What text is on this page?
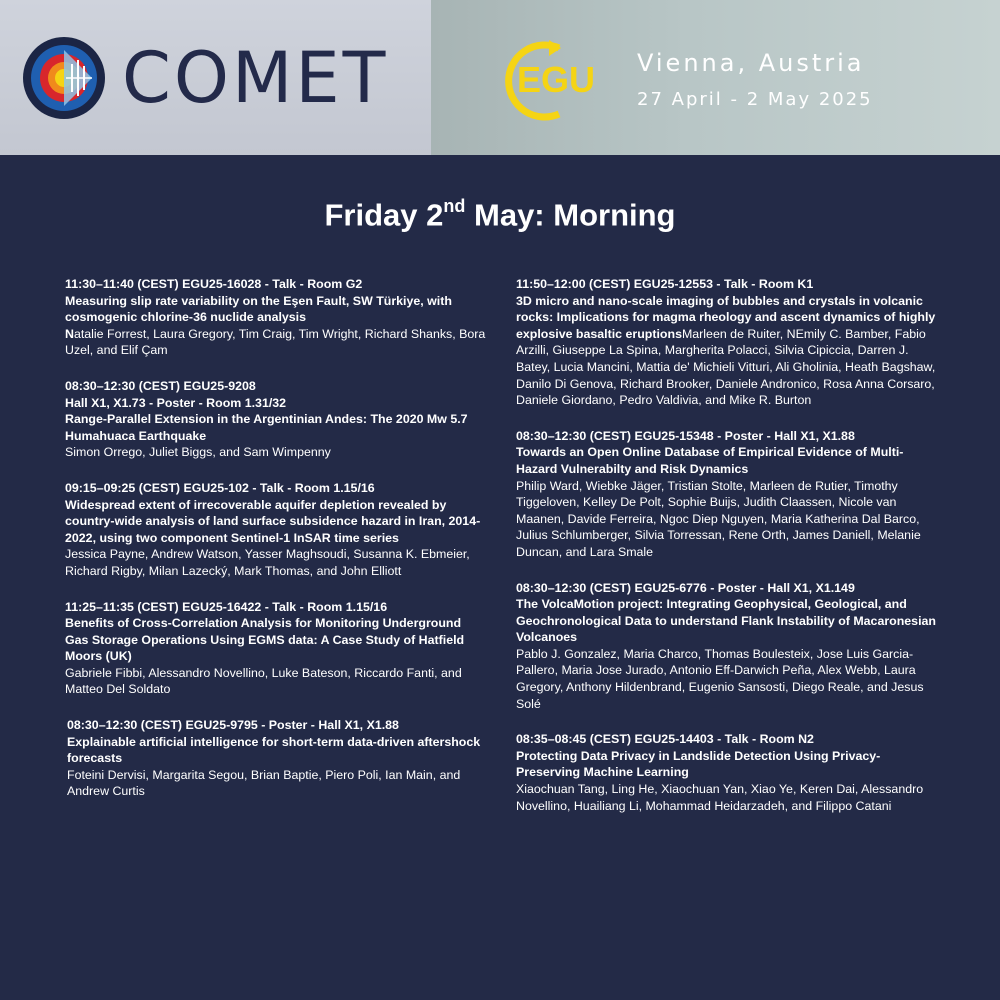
COMET	EGU Vienna, Austria
27 April - 2 May 2025
Friday 2nd May: Morning
11:30–11:40 (CEST) EGU25-16028 - Talk - Room G2
Measuring slip rate variability on the Eşen Fault, SW Türkiye, with cosmogenic chlorine-36 nuclide analysis
Natalie Forrest, Laura Gregory, Tim Craig, Tim Wright, Richard Shanks, Bora Uzel, and Elif Çam
08:30–12:30 (CEST) EGU25-9208
Hall X1, X1.73 - Poster - Room 1.31/32
Range-Parallel Extension in the Argentinian Andes: The 2020 Mw 5.7 Humahuaca Earthquake
Simon Orrego, Juliet Biggs, and Sam Wimpenny
09:15–09:25 (CEST) EGU25-102 - Talk - Room 1.15/16
Widespread extent of irrecoverable aquifer depletion revealed by country-wide analysis of land surface subsidence hazard in Iran, 2014-2022, using two component Sentinel-1 InSAR time series
Jessica Payne, Andrew Watson, Yasser Maghsoudi, Susanna K. Ebmeier, Richard Rigby, Milan Lazecký, Mark Thomas, and John Elliott
11:25–11:35 (CEST) EGU25-16422 - Talk - Room 1.15/16
Benefits of Cross-Correlation Analysis for Monitoring Underground Gas Storage Operations Using EGMS data: A Case Study of Hatfield Moors (UK)
Gabriele Fibbi, Alessandro Novellino, Luke Bateson, Riccardo Fanti, and Matteo Del Soldato
08:30–12:30 (CEST) EGU25-9795 - Poster - Hall X1, X1.88
Explainable artificial intelligence for short-term data-driven aftershock forecasts
Foteini Dervisi, Margarita Segou, Brian Baptie, Piero Poli, Ian Main, and Andrew Curtis
11:50–12:00 (CEST) EGU25-12553 - Talk - Room K1
3D micro and nano-scale imaging of bubbles and crystals in volcanic rocks: Implications for magma rheology and ascent dynamics of highly explosive basaltic eruptionsMarleen de Ruiter, NEmily C. Bamber, Fabio Arzilli, Giuseppe La Spina, Margherita Polacci, Silvia Cipiccia, Darren J. Batey, Lucia Mancini, Mattia de' Michieli Vitturi, Ali Gholinia, Heath Bagshaw, Danilo Di Genova, Richard Brooker, Daniele Andronico, Rosa Anna Corsaro, Daniele Giordano, Pedro Valdivia, and Mike R. Burton
08:30–12:30 (CEST) EGU25-15348 - Poster - Hall X1, X1.88
Towards an Open Online Database of Empirical Evidence of Multi-Hazard Vulnerabilty and Risk Dynamics
Philip Ward, Wiebke Jäger, Tristian Stolte, Marleen de Rutier, Timothy Tiggeloven, Kelley De Polt, Sophie Buijs, Judith Claassen, Nicole van Maanen, Davide Ferreira, Ngoc Diep Nguyen, Maria Katherina Dal Barco, Julius Schlumberger, Silvia Torressan, Rene Orth, James Daniell, Melanie Duncan, and Lara Smale
08:30–12:30 (CEST) EGU25-6776 - Poster - Hall X1, X1.149
The VolcaMotion project: Integrating Geophysical, Geological, and Geochronological Data to understand Flank Instability of Macaronesian Volcanoes
Pablo J. Gonzalez, Maria Charco, Thomas Boulesteix, Jose Luis Garcia-Pallero, Maria Jose Jurado, Antonio Eff-Darwich Peña, Alex Webb, Laura Gregory, Anthony Hildenbrand, Eugenio Sansosti, Diego Reale, and Jesus Solé
08:35–08:45 (CEST) EGU25-14403 - Talk - Room N2
Protecting Data Privacy in Landslide Detection Using Privacy-Preserving Machine Learning
Xiaochuan Tang, Ling He, Xiaochuan Yan, Xiao Ye, Keren Dai, Alessandro Novellino, Huailiang Li, Mohammad Heidarzadeh, and Filippo Catani
